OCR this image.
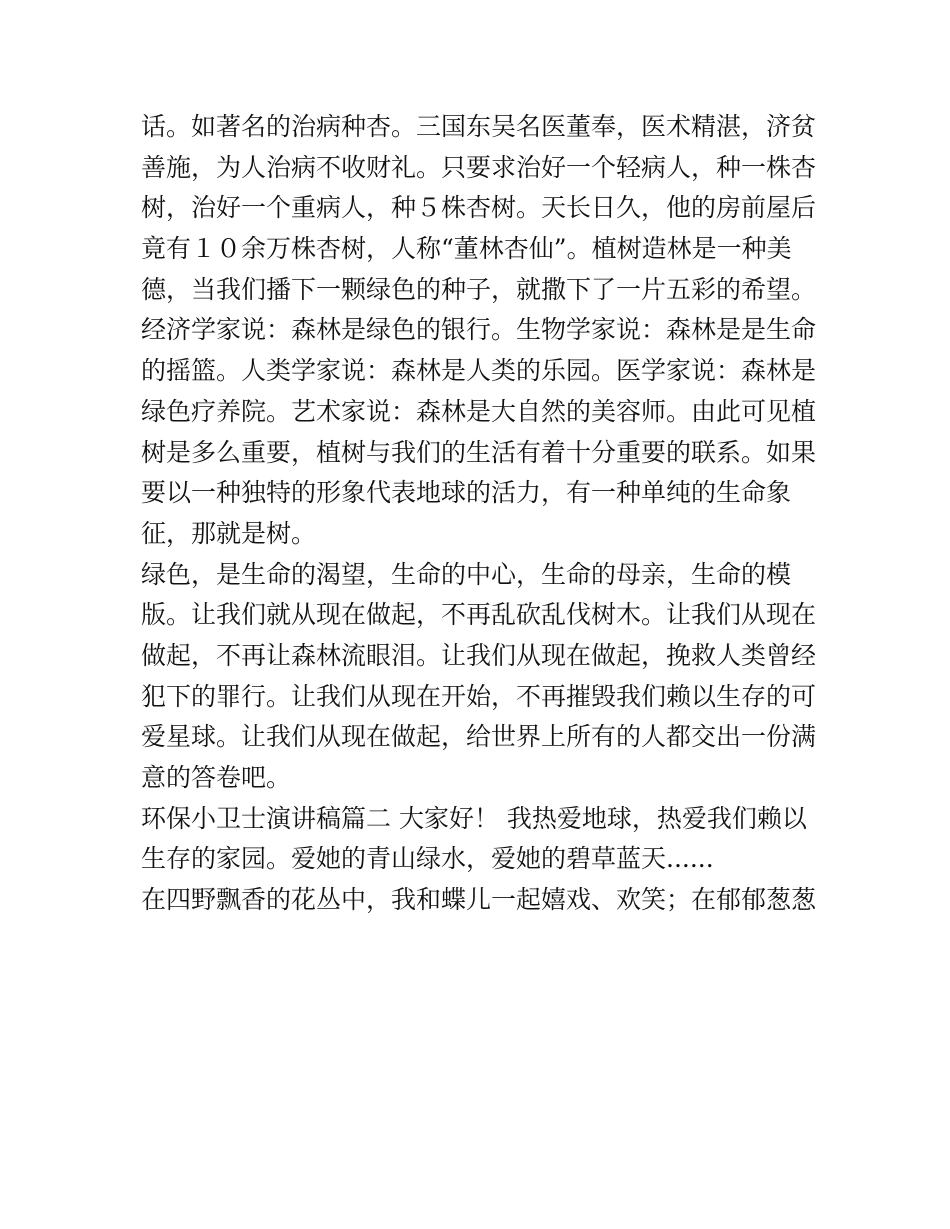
话。如著名的治病种杏。三国东吴名医董奉，医术精湛，济贫
善施，为人治病不收财礼。只要求治好一个轻病人，种一株杏
树，治好一个重病人，种５株杏树。天长日久，他的房前屋后
竟有１０余万株杏树，人称“董林杏仙”。植树造林是一种美
德，当我们播下一颗绿色的种子，就撒下了一片五彩的希望。
经济学家说：森林是绿色的银行。生物学家说：森林是是生命
的摇篮。人类学家说：森林是人类的乐园。医学家说：森林是
绿色疗养院。艺术家说：森林是大自然的美容师。由此可见植
树是多么重要，植树与我们的生活有着十分重要的联系。如果
要以一种独特的形象代表地球的活力，有一种单纯的生命象
征，那就是树。
绿色，是生命的渴望，生命的中心，生命的母亲，生命的模
版。让我们就从现在做起，不再乱砍乱伐树木。让我们从现在
做起，不再让森林流眼泪。让我们从现在做起，挽救人类曾经
犯下的罪行。让我们从现在开始，不再摧毁我们赖以生存的可
爱星球。让我们从现在做起，给世界上所有的人都交出一份满
意的答卷吧。
环保小卫士演讲稿篇二 大家好！ 我热爱地球，热爱我们赖以
生存的家园。爱她的青山绿水，爱她的碧草蓝天......
在四野飘香的花丛中，我和蝶儿一起嬉戏、欢笑；在郁郁葱葱
